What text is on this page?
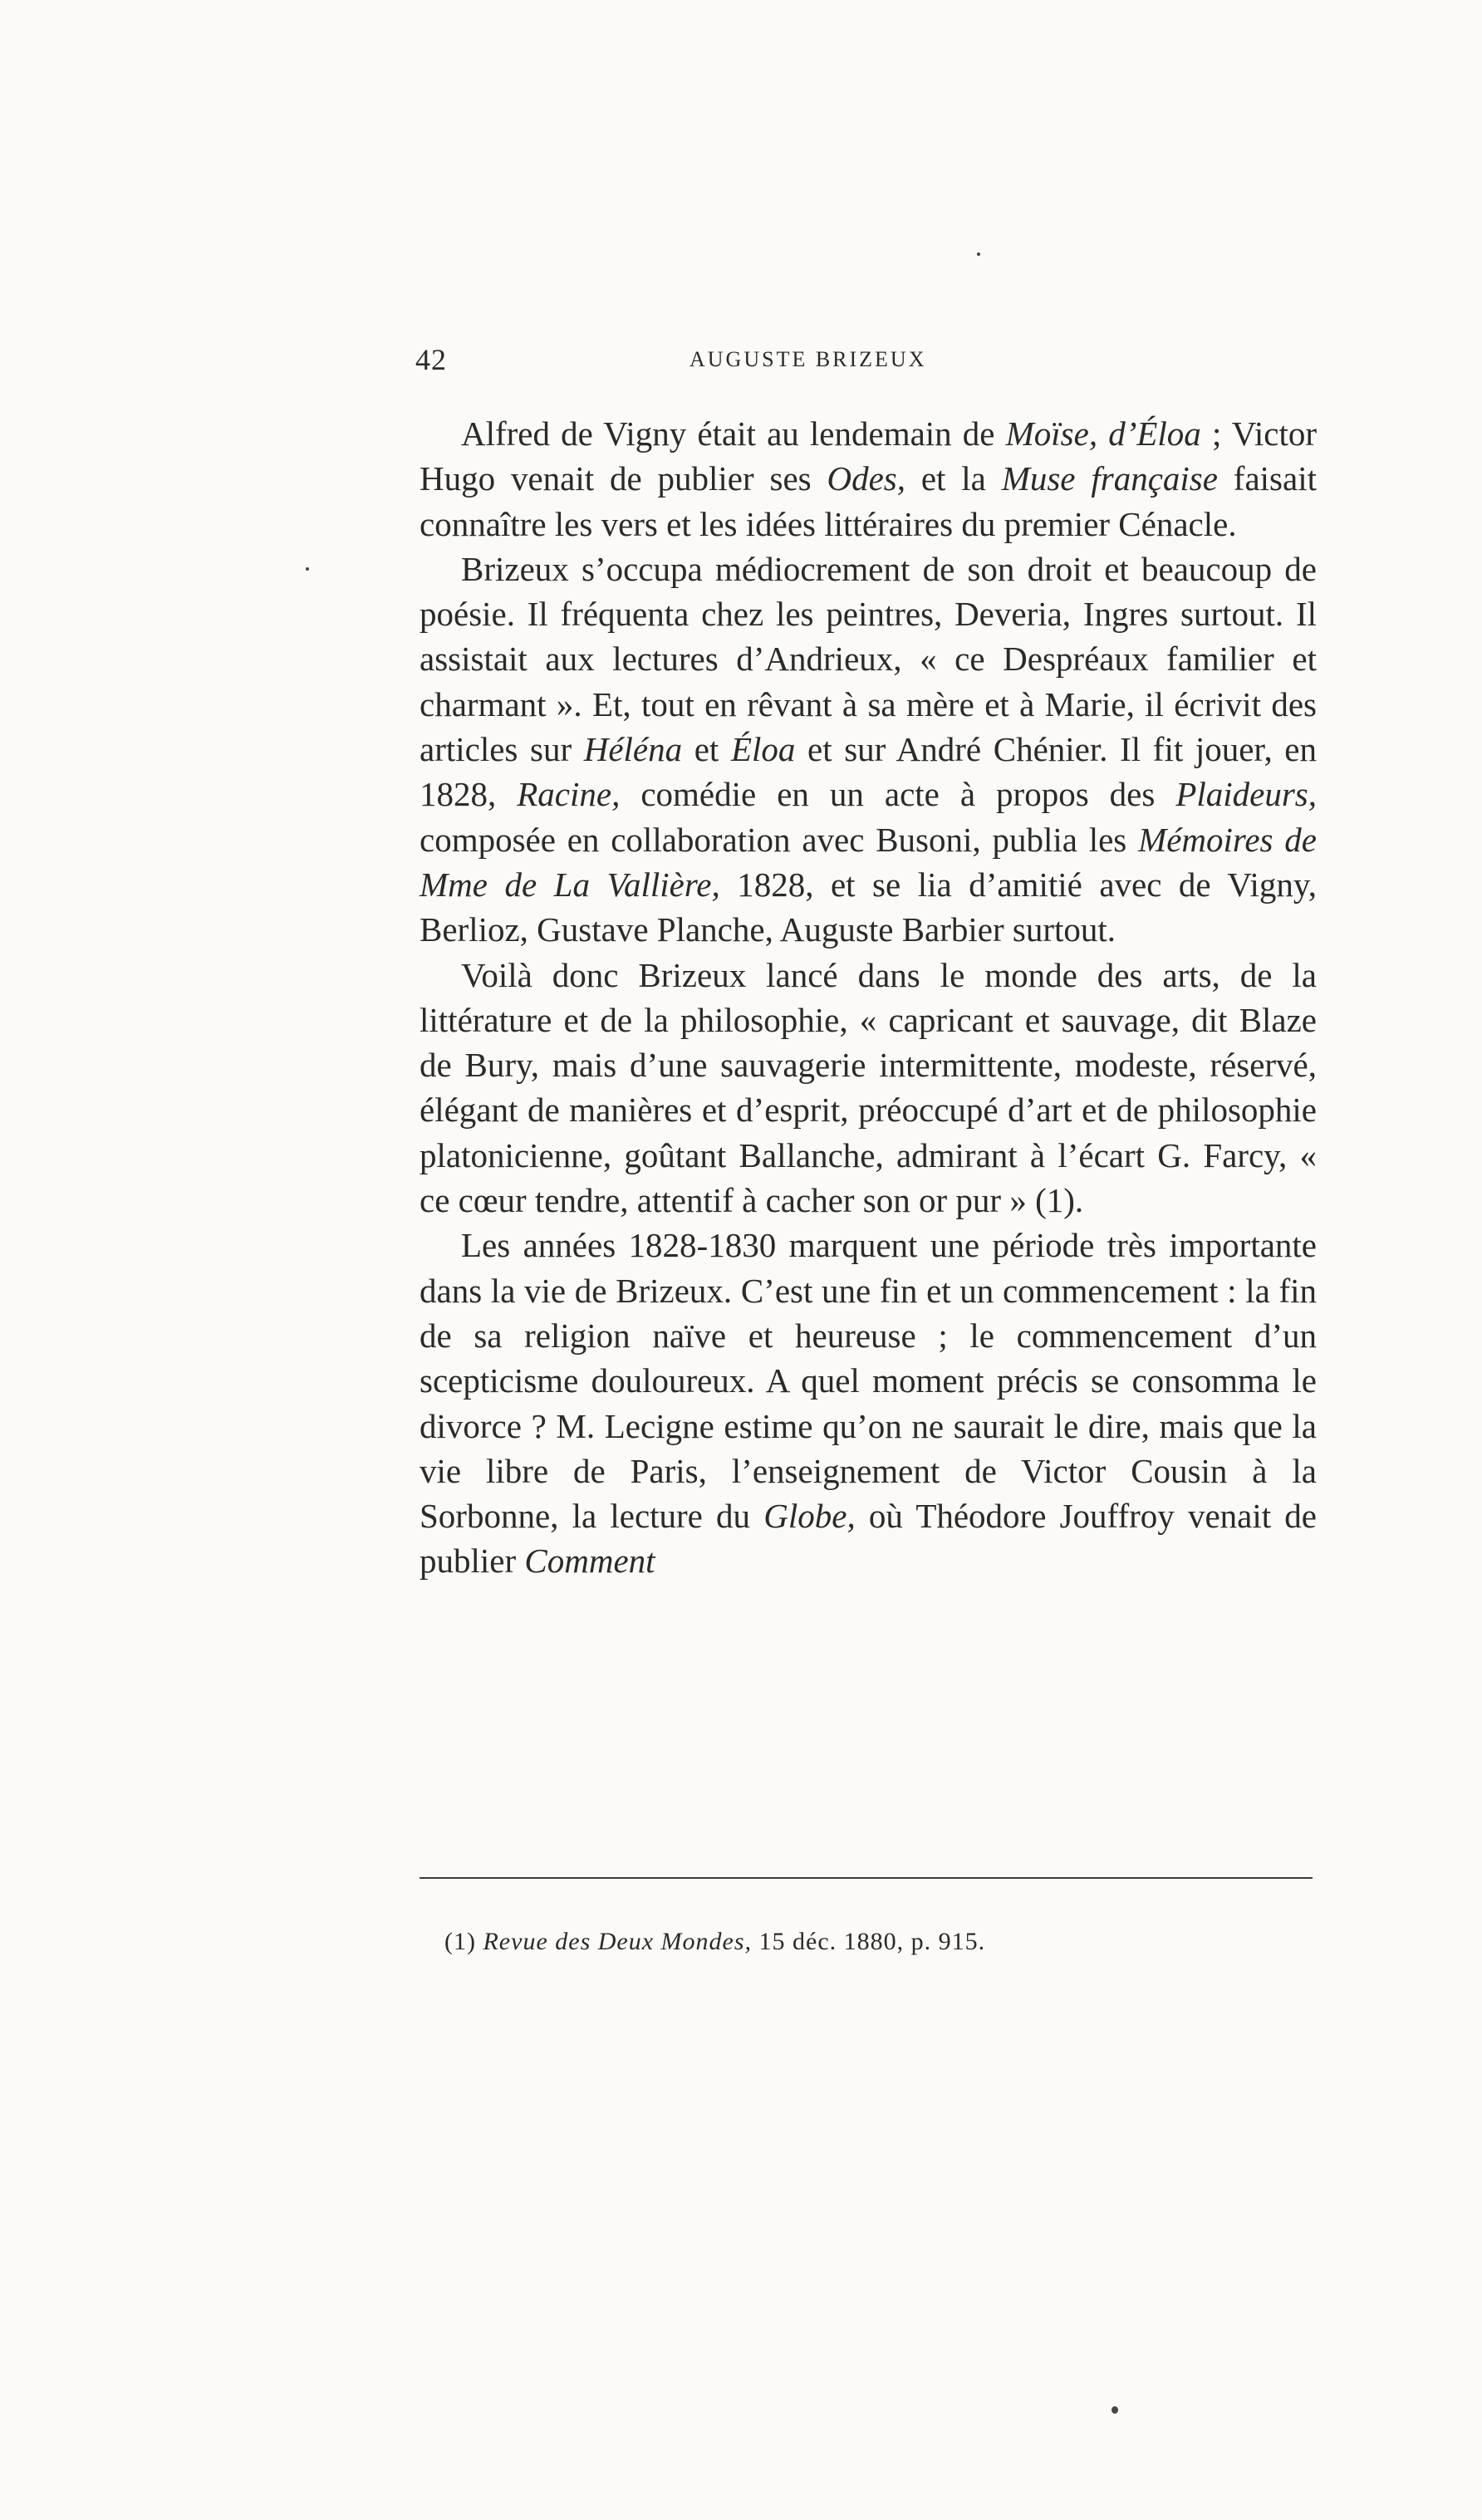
42	AUGUSTE BRIZEUX

Alfred de Vigny était au lendemain de Moïse, d’Éloa ; Victor Hugo venait de publier ses Odes, et la Muse française faisait connaître les vers et les idées littéraires du premier Cénacle.

Brizeux s’occupa médiocrement de son droit et beaucoup de poésie. Il fréquenta chez les peintres, Deveria, Ingres surtout. Il assistait aux lectures d’Andrieux, « ce Despréaux familier et charmant ». Et, tout en rêvant à sa mère et à Marie, il écrivit des articles sur Héléna et Éloa et sur André Chénier. Il fit jouer, en 1828, Racine, comédie en un acte à propos des Plaideurs, composée en collaboration avec Busoni, publia les Mémoires de Mme de La Vallière, 1828, et se lia d’amitié avec de Vigny, Berlioz, Gustave Planche, Auguste Barbier surtout.

Voilà donc Brizeux lancé dans le monde des arts, de la littérature et de la philosophie, « capricant et sauvage, dit Blaze de Bury, mais d’une sauvagerie intermittente, modeste, réservé, élégant de manières et d’esprit, préoccupé d’art et de philosophie platonicienne, goûtant Ballanche, admirant à l’écart G. Farcy, « ce cœur tendre, attentif à cacher son or pur » (1).

Les années 1828-1830 marquent une période très importante dans la vie de Brizeux. C’est une fin et un commencement : la fin de sa religion naïve et heureuse ; le commencement d’un scepticisme douloureux. A quel moment précis se consomma le divorce ? M. Lecigne estime qu’on ne saurait le dire, mais que la vie libre de Paris, l’enseignement de Victor Cousin à la Sorbonne, la lecture du Globe, où Théodore Jouffroy venait de publier Comment

(1) Revue des Deux Mondes, 15 déc. 1880, p. 915.
